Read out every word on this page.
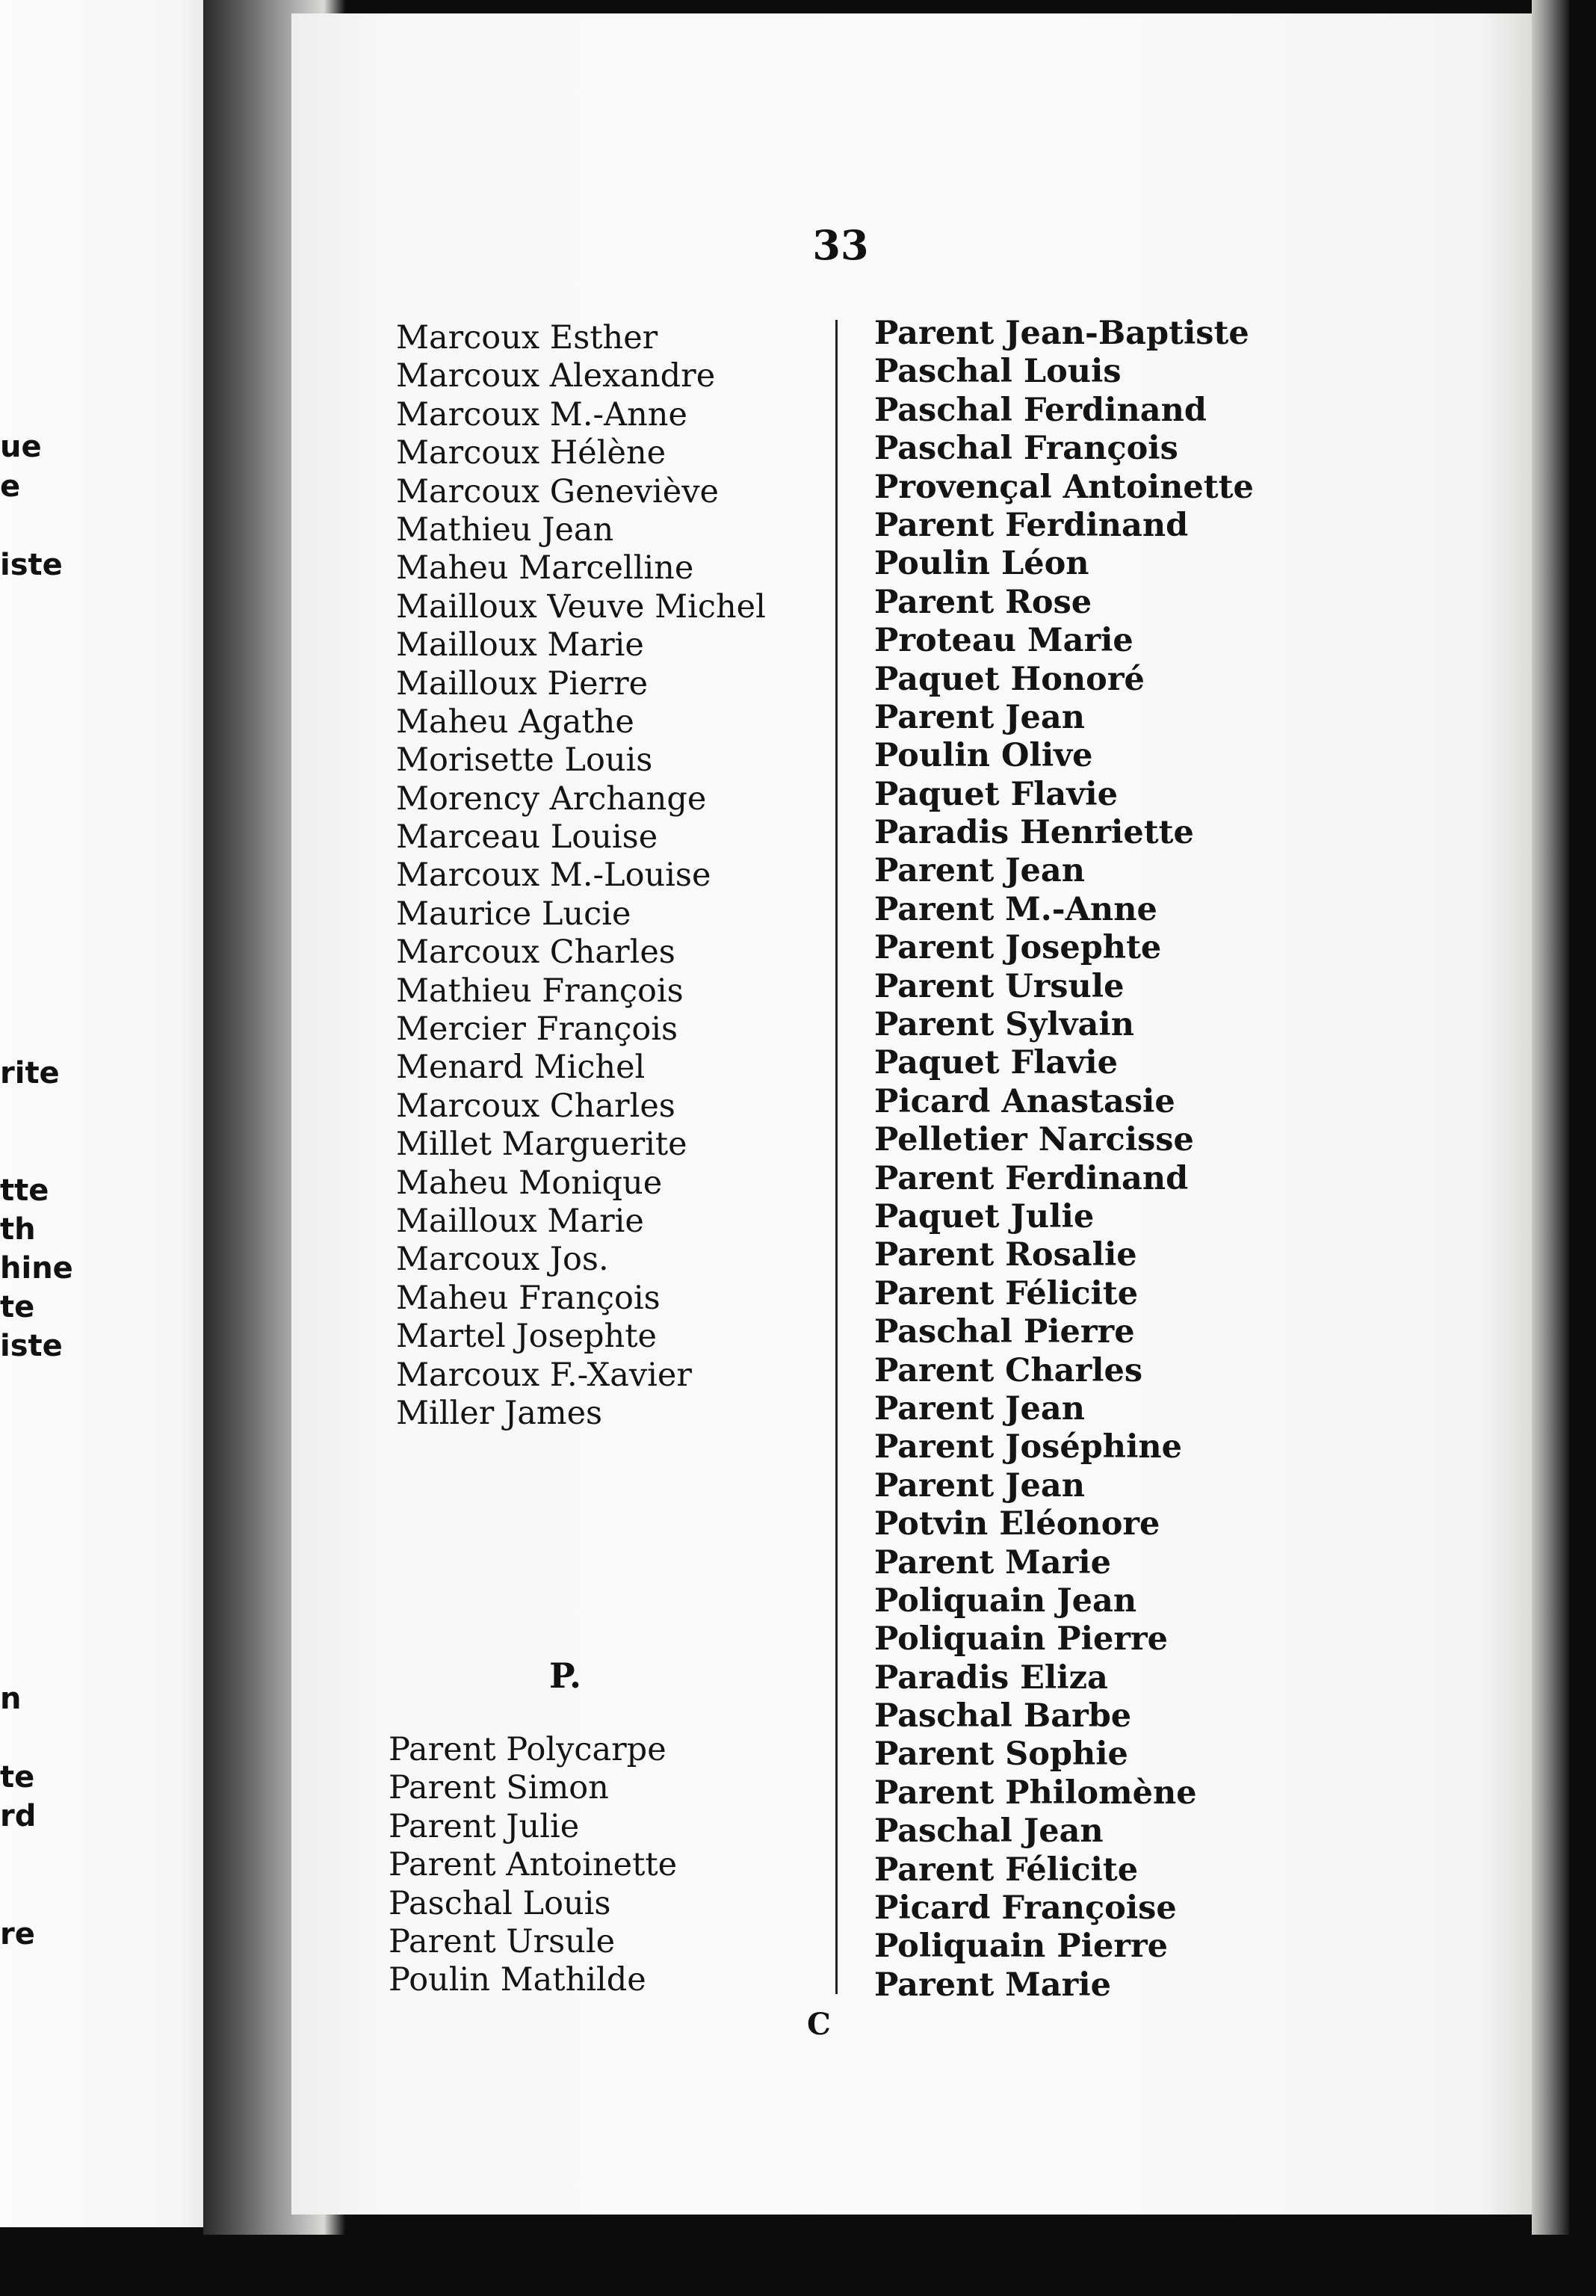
ue
e
iste
rite
tte
th
hine
te
iste
n
te
rd
re
33
Marcoux Esther
Marcoux Alexandre
Marcoux M.-Anne
Marcoux Hélène
Marcoux Geneviève
Mathieu Jean
Maheu Marcelline
Mailloux Veuve Michel
Mailloux Marie
Mailloux Pierre
Maheu Agathe
Morisette Louis
Morency Archange
Marceau Louise
Marcoux M.-Louise
Maurice Lucie
Marcoux Charles
Mathieu François
Mercier François
Menard Michel
Marcoux Charles
Millet Marguerite
Maheu Monique
Mailloux Marie
Marcoux Jos.
Maheu François
Martel Josephte
Marcoux F.-Xavier
Miller James
P.
Parent Polycarpe
Parent Simon
Parent Julie
Parent Antoinette
Paschal Louis
Parent Ursule
Poulin Mathilde
Parent Jean-Baptiste
Paschal Louis
Paschal Ferdinand
Paschal François
Provençal Antoinette
Parent Ferdinand
Poulin Léon
Parent Rose
Proteau Marie
Paquet Honoré
Parent Jean
Poulin Olive
Paquet Flavie
Paradis Henriette
Parent Jean
Parent M.-Anne
Parent Josephte
Parent Ursule
Parent Sylvain
Paquet Flavie
Picard Anastasie
Pelletier Narcisse
Parent Ferdinand
Paquet Julie
Parent Rosalie
Parent Félicite
Paschal Pierre
Parent Charles
Parent Jean
Parent Joséphine
Parent Jean
Potvin Eléonore
Parent Marie
Poliquain Jean
Poliquain Pierre
Paradis Eliza
Paschal Barbe
Parent Sophie
Parent Philomène
Paschal Jean
Parent Félicite
Picard Françoise
Poliquain Pierre
Parent Marie
C
